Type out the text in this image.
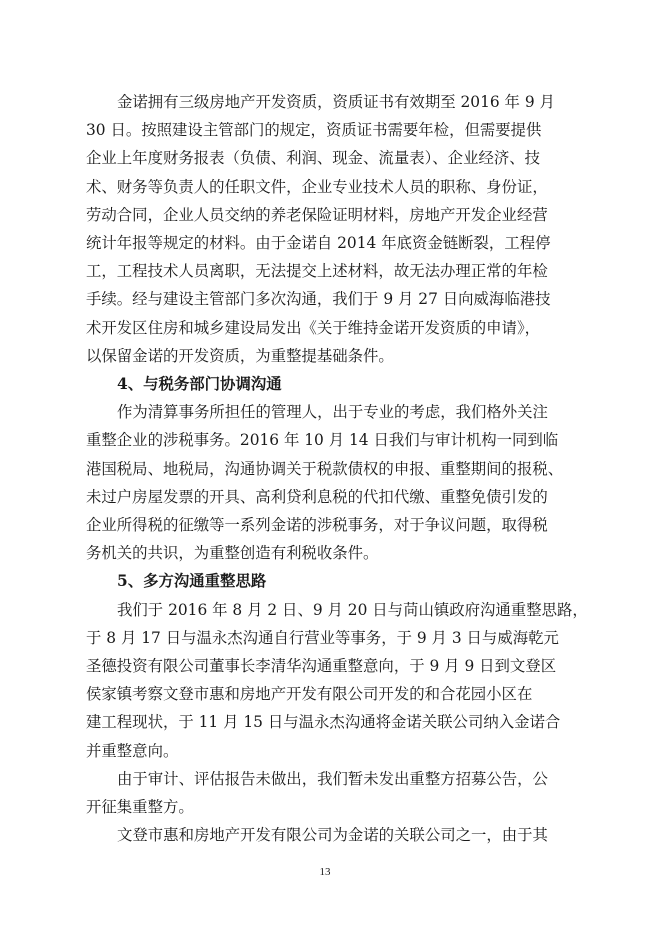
金诺拥有三级房地产开发资质，资质证书有效期至 2016 年 9 月

30 日。按照建设主管部门的规定，资质证书需要年检，但需要提供

企业上年度财务报表（负债、利润、现金、流量表）、企业经济、技

术、财务等负责人的任职文件，企业专业技术人员的职称、身份证，

劳动合同，企业人员交纳的养老保险证明材料，房地产开发企业经营

统计年报等规定的材料。由于金诺自 2014 年底资金链断裂，工程停

工，工程技术人员离职，无法提交上述材料，故无法办理正常的年检

手续。经与建设主管部门多次沟通，我们于 9 月 27 日向威海临港技

术开发区住房和城乡建设局发出《关于维持金诺开发资质的申请》，

以保留金诺的开发资质，为重整提基础条件。

4、与税务部门协调沟通

作为清算事务所担任的管理人，出于专业的考虑，我们格外关注

重整企业的涉税事务。2016 年 10 月 14 日我们与审计机构一同到临

港国税局、地税局，沟通协调关于税款债权的申报、重整期间的报税、

未过户房屋发票的开具、高利贷利息税的代扣代缴、重整免债引发的

企业所得税的征缴等一系列金诺的涉税事务，对于争议问题，取得税

务机关的共识，为重整创造有利税收条件。

5、多方沟通重整思路

我们于 2016 年 8 月 2 日、9 月 20 日与苘山镇政府沟通重整思路，

于 8 月 17 日与温永杰沟通自行营业等事务，于 9 月 3 日与威海乾元

圣德投资有限公司董事长李清华沟通重整意向，于 9 月 9 日到文登区

侯家镇考察文登市惠和房地产开发有限公司开发的和合花园小区在

建工程现状，于 11 月 15 日与温永杰沟通将金诺关联公司纳入金诺合

并重整意向。

由于审计、评估报告未做出，我们暂未发出重整方招募公告，公

开征集重整方。

文登市惠和房地产开发有限公司为金诺的关联公司之一，由于其

13
